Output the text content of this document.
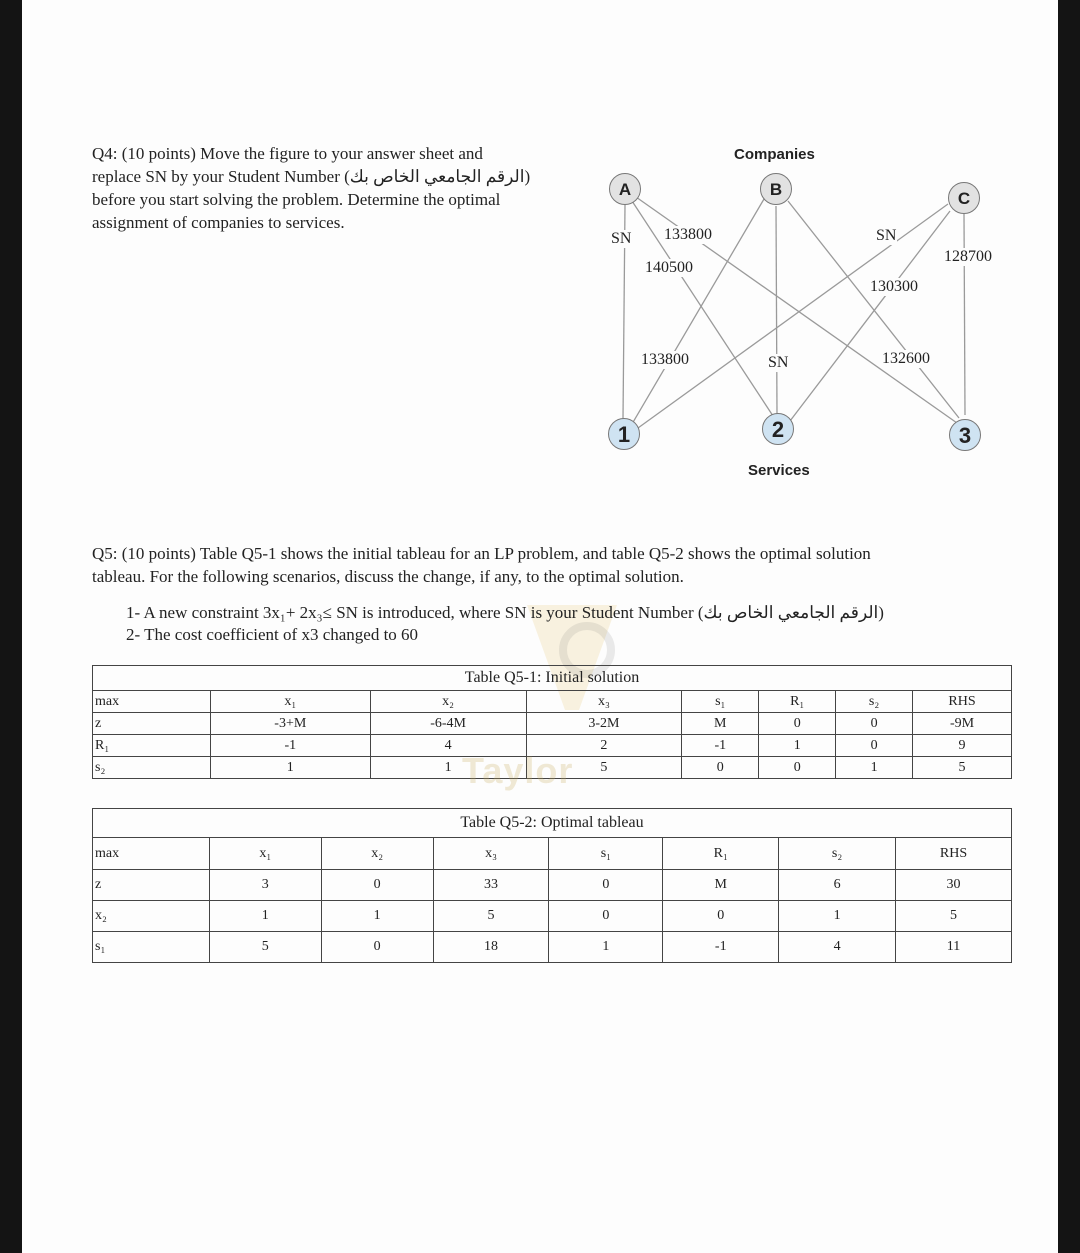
Q4: (10 points) Move the figure to your answer sheet and
replace SN by your Student Number (الرقم الجامعي الخاص بك)
before you start solving the problem. Determine the optimal
assignment of companies to services.
Companies
Services
A	B	C
1	2	3
SN 133800
140500
133800	SN
130300
SN
132600
128700
Q5: (10 points) Table Q5-1 shows the initial tableau for an LP problem, and table Q5-2 shows the optimal solution
tableau. For the following scenarios, discuss the change, if any, to the optimal solution.
1- A new constraint 3x₁+ 2x₃≤ SN is introduced, where SN is your Student Number (الرقم الجامعي الخاص بك)
2- The cost coefficient of x3 changed to 60
Table Q5-1: Initial solution							
max	x₁	x₂	x₃	s₁	R₁	s₂	RHS
z	-3+M	-6-4M	3-2M	M	0	0	-9M
R₁	-1	4	2	-1	1	0	9
s₂	1	1	5	0	0	1	5
Taylor
Table Q5-2: Optimal tableau							
max	x₁	x₂	x₃	s₁	R₁	s₂	RHS
z	3	0	33	0	M	6	30
x₂	1	1	5	0	0	1	5
s₁	5	0	18	1	-1	4	11
